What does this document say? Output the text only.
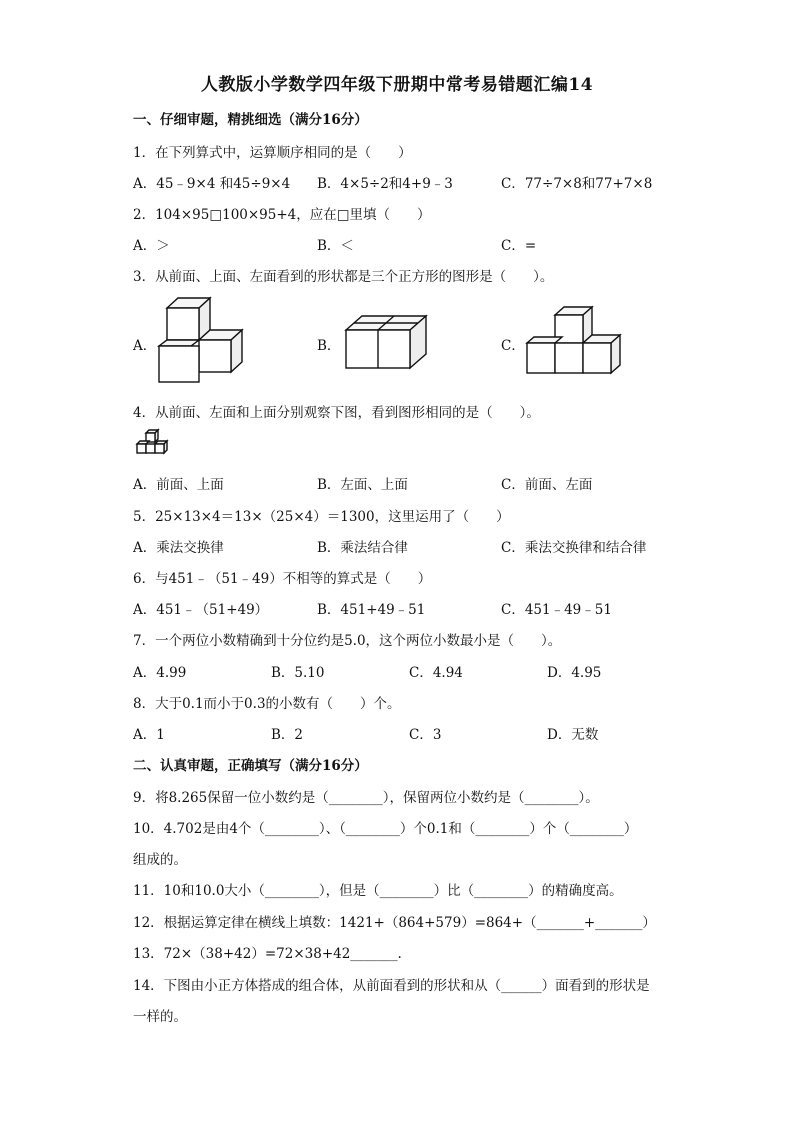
人教版小学数学四年级下册期中常考易错题汇编14
一、仔细审题，精挑细选（满分16分）
1．在下列算式中，运算顺序相同的是（　　）
A．45﹣9×4 和45÷9×4 B．4×5÷2和4+9﹣3	C．77÷7×8和77+7×8
2．104×95□100×95+4，应在□里填（　　）
A．＞	B．＜	C．=
3．从前面、上面、左面看到的形状都是三个正方形的图形是（　　）。
A．	B．	C．
4．从前面、左面和上面分别观察下图，看到图形相同的是（　　）。
A．前面、上面	B．左面、上面	C．前面、左面
5．25×13×4＝13×（25×4）＝1300，这里运用了（　　）
A．乘法交换律	B．乘法结合律	C．乘法交换律和结合律
6．与451﹣（51﹣49）不相等的算式是（　　）
A．451﹣（51+49）	B．451+49﹣51	C．451﹣49﹣51
7．一个两位小数精确到十分位约是5.0，这个两位小数最小是（　　）。
A．4.99	B．5.10	C．4.94	D．4.95
8．大于0.1而小于0.3的小数有（　　）个。
A．1	B．2	C．3	D．无数
二、认真审题，正确填写（满分16分）
9．将8.265保留一位小数约是（________），保留两位小数约是（________）。
10．4.702是由4个（________）、（________）个0.1和（________）个（________）
组成的。
11．10和10.0大小（________），但是（________）比（________）的精确度高。
12．根据运算定律在横线上填数：1421+（864+579）=864+（_______+_______）
13．72×（38+42）=72×38+42_______.
14．下图由小正方体搭成的组合体，从前面看到的形状和从（______）面看到的形状是
一样的。
